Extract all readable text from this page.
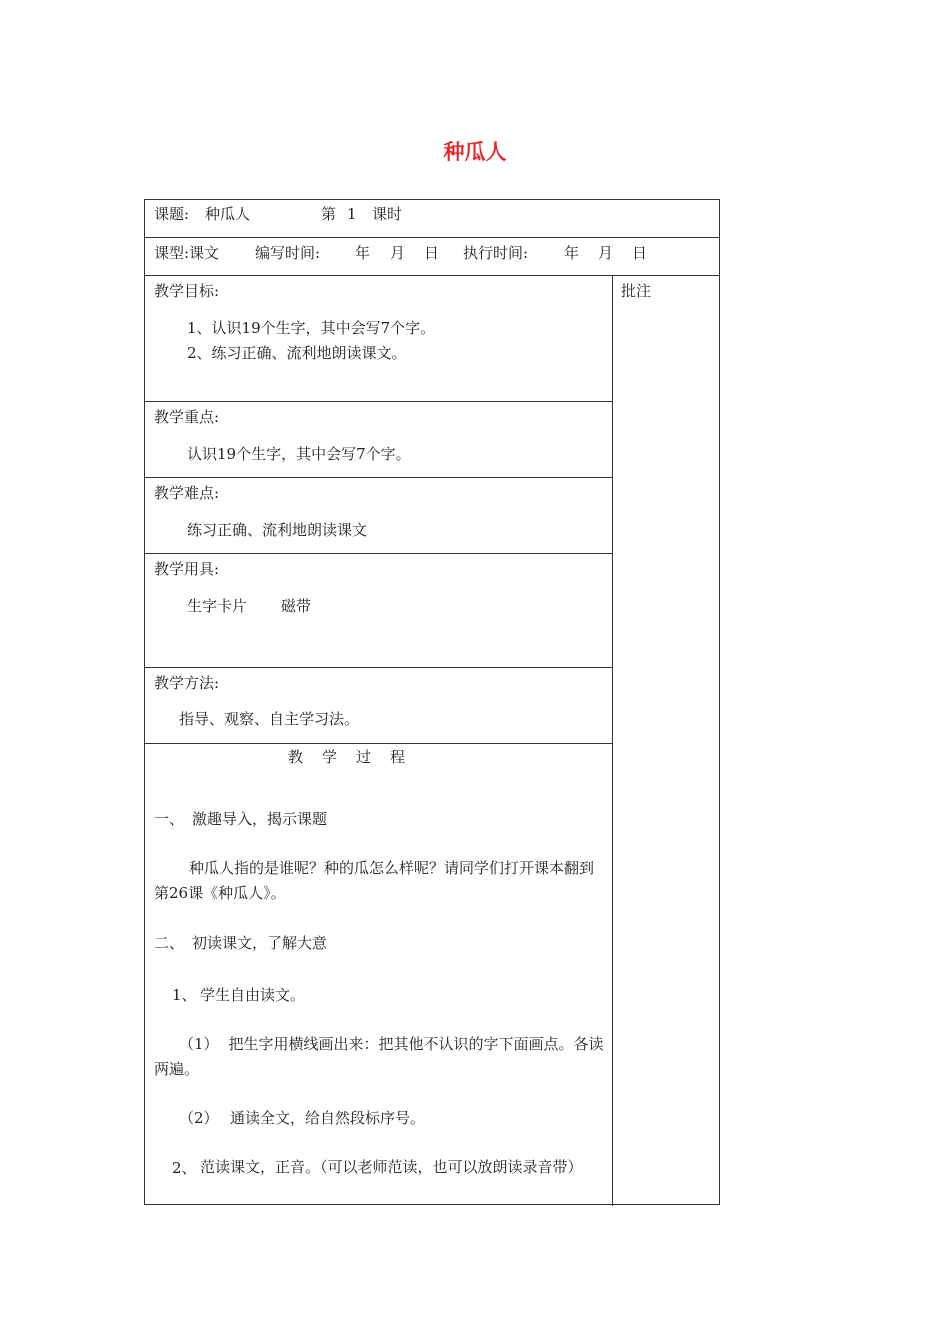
种瓜人
课题: 种瓜人	第 1 课时
课型:课文 编写时间: 年 月 日 执行时间: 年 月 日
批注
教学目标:
1、认识19个生字，其中会写7个字。
2、练习正确、流利地朗读课文。
教学重点:
认识19个生字，其中会写7个字。
教学难点:
练习正确、流利地朗读课文
教学用具:
生字卡片 磁带
教学方法:
指导、观察、自主学习法。
教 学 过 程
一、 激趣导入，揭示课题
种瓜人指的是谁呢？种的瓜怎么样呢？请同学们打开课本翻到第26课《种瓜人》。
二、 初读课文，了解大意
1、 学生自由读文。
（1） 把生字用横线画出来：把其他不认识的字下面画点。各读两遍。
（2） 通读全文，给自然段标序号。
2、 范读课文，正音。（可以老师范读，也可以放朗读录音带）
